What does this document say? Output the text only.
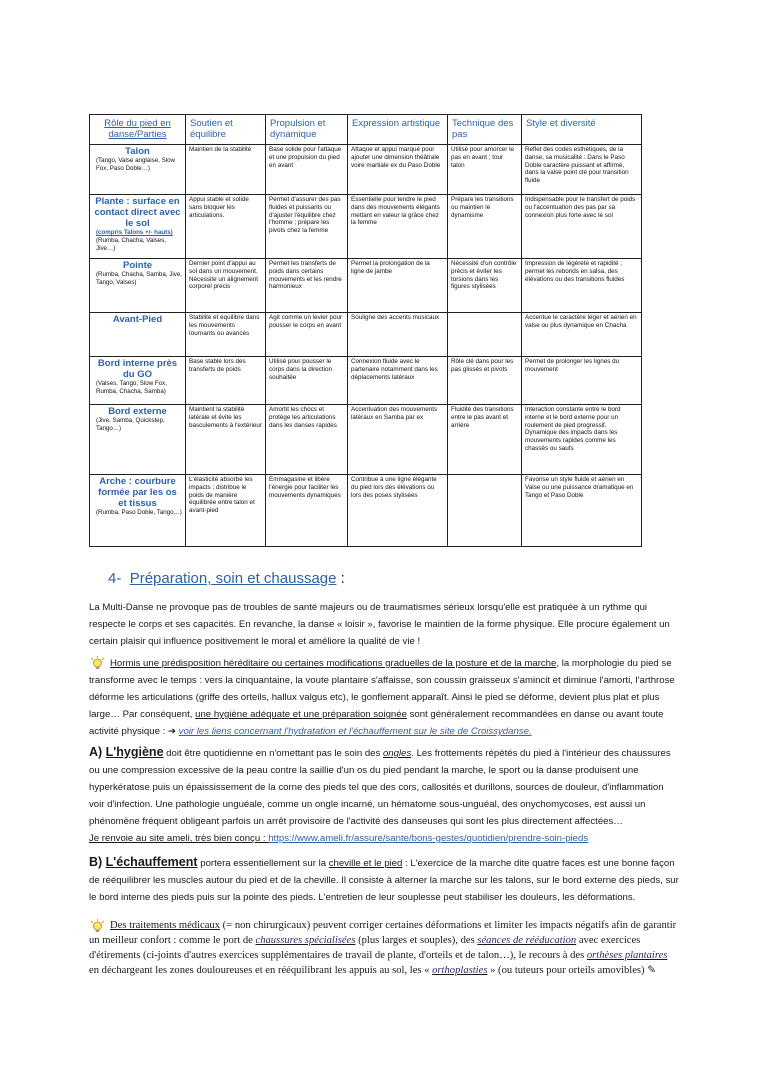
Rôle du pied en danse/Parties	Soutien et équilibre	Propulsion et dynamique	Expression artistique	Technique des pas	Style et diversité

Talon
(Tango, Valse anglaise, Slow Fox, Paso Doble…)	Maintien de la stabilité	Base solide pour l'attaque et une propulsion du pied en avant	Attaque et appui marqué pour ajouter une dimension théâtrale voire martiale ex du Paso Doble	Utilisé pour amorcer le pas en avant ; tour talon	Reflet des codes esthétiques, de la danse, sa musicalité : Dans le Paso Doble caractère puissant et affirmé, dans la valse point clé pour transition fluide

Plante : surface en contact direct avec le sol
(compris Talons +/- hauts)
(Rumba, Chacha, Valses, Jive…)	Appui stable et solide sans bloquer les articulations.	Permet d'assurer des pas fluides et puissants ou d'ajuster l'équilibre chez l'homme ; prépare les pivots chez la femme	Essentielle pour tendre le pied dans des mouvements élégants mettant en valeur la grâce chez la femme	Prépare les transitions ou maintien le dynamisme	Indispensable pour le transfert de poids ou l'accentuation des pas par sa connexion plus forte avec le sol

Pointe
(Rumba, Chacha, Samba, Jive, Tango, Valses)	Dernier point d'appui au sol dans un mouvement. Nécessite un alignement corporel précis	Permet les transferts de poids dans certains mouvements et les rendre harmonieux	Permet la prolongation de la ligne de jambe	Nécessité d'un contrôle précis et éviter les torsions dans les figures stylisées	Impression de légèreté et rapidité ; permet les rebonds en salsa, des élévations ou des transitions fluides

Avant-Pied	Stabilité et équilibre dans les mouvements tournants ou avancés	Agit comme un levier pour pousser le corps en avant	Souligne des accents musicaux		Accentue le caractère léger et aérien en valse ou plus dynamique en Chacha

Bord interne près du GO
(Valses, Tango, Slow Fox, Rumba, Chacha, Samba)	Base stable lors des transferts de poids	Utilisé pour pousser le corps dans la direction souhaitée	Connexion fluide avec le partenaire notamment dans les déplacements latéraux	Rôle clé dans pour les pas glissés et pivots	Permet de prolonger les lignes du mouvement

Bord externe
(Jive, Samba, Quickstep, Tango…)	Maintient la stabilité latérale et évite les basculements à l'extérieur	Amortit les chocs et protège les articulations dans les danses rapides	Accentuation des mouvements latéraux en Samba par ex	Fluidité des transitions entre le pas avant et arrière	Interaction constante entre le bord interne et le bord externe pour un roulement de pied progressif. Dynamique des impacts dans les mouvements rapides comme les chassés ou sauts

Arche : courbure formée par les os et tissus
(Rumba, Paso Doble, Tango…)	L'élasticité absorbe les impacts ; distribue le poids de manière équilibrée entre talon et avant-pied	Emmagasine et libère l'énergie pour faciliter les mouvements dynamiques	Contribue à une ligne élégante du pied lors des élévations ou lors des poses stylisées		Favorise un style fluide et aérien en Valse ou une puissance dramatique en Tango et Paso Doble
4- Préparation, soin et chaussage :
La Multi-Danse ne provoque pas de troubles de santé majeurs ou de traumatismes sérieux lorsqu'elle est pratiquée à un rythme qui respecte le corps et ses capacités. En revanche, la danse « loisir », favorise le maintien de la forme physique. Elle procure également un certain plaisir qui influence positivement le moral et améliore la qualité de vie !
Hormis une prédisposition héréditaire ou certaines modifications graduelles de la posture et de la marche, la morphologie du pied se transforme avec le temps : vers la cinquantaine, la voute plantaire s'affaisse, son coussin graisseux s'amincit et diminue l'amorti, l'arthrose déforme les articulations (griffe des orteils, hallux valgus etc), le gonflement apparaît. Ainsi le pied se déforme, devient plus plat et plus large… Par conséquent, une hygiène adéquate et une préparation soignée sont généralement recommandées en danse ou avant toute activité physique : ➔ voir les liens concernant l'hydratation et l'échauffement sur le site de Croissydanse.
A) L'hygiène doit être quotidienne en n'omettant pas le soin des ongles. Les frottements répétés du pied à l'intérieur des chaussures ou une compression excessive de la peau contre la saillie d'un os du pied pendant la marche, le sport ou la danse produisent une hyperkératose puis un épaississement de la corne des pieds tel que des cors, callosités et durillons, sources de douleur, d'inflammation voir d'infection. Une pathologie unguéale, comme un ongle incarné, un hématome sous-unguéal, des onychomycoses, est aussi un phénomène fréquent obligeant parfois un arrêt provisoire de l'activité des danseuses qui sont les plus directement affectées…
Je renvoie au site ameli, très bien conçu : https://www.ameli.fr/assure/sante/bons-gestes/quotidien/prendre-soin-pieds
B) L'échauffement portera essentiellement sur la cheville et le pied : L'exercice de la marche dite quatre faces est une bonne façon de rééquilibrer les muscles autour du pied et de la cheville. Il consiste à alterner la marche sur les talons, sur le bord externe des pieds, sur le bord interne des pieds puis sur la pointe des pieds. L'entretien de leur souplesse peut stabiliser les douleurs, les déformations.
Des traitements médicaux (= non chirurgicaux) peuvent corriger certaines déformations et limiter les impacts négatifs afin de garantir un meilleur confort : comme le port de chaussures spécialisées (plus larges et souples), des séances de rééducation avec exercices d'étirements (ci-joints d'autres exercices supplémentaires de travail de plante, d'orteils et de talon…), le recours à des orthèses plantaires en déchargeant les zones douloureuses et en rééquilibrant les appuis au sol, les « orthoplasties » (ou tuteurs pour orteils amovibles) ✎
